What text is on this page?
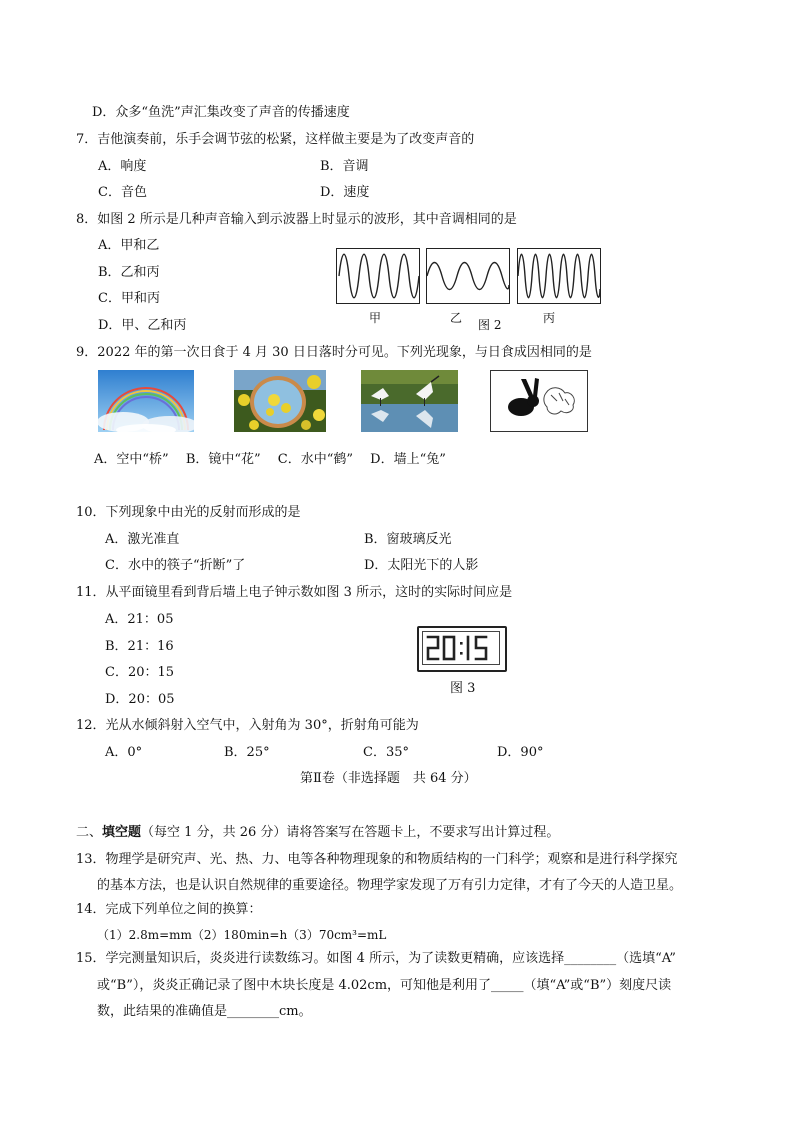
D．众多“鱼洗”声汇集改变了声音的传播速度
7．吉他演奏前，乐手会调节弦的松紧，这样做主要是为了改变声音的
A．响度	B．音调
C．音色	D．速度
8．如图 2 所示是几种声音输入到示波器上时显示的波形，其中音调相同的是
A．甲和乙
B．乙和丙
C．甲和丙
D．甲、乙和丙	甲	乙	丙
图 2
9．2022 年的第一次日食于 4 月 30 日日落时分可见。下列光现象，与日食成因相同的是
A．空中“桥”　 B．镜中“花”　 C．水中“鹤”　 D．墙上“兔”
10．下列现象中由光的反射而形成的是
A．激光准直	B．窗玻璃反光
C．水中的筷子“折断”了	D．太阳光下的人影
11．从平面镜里看到背后墙上电子钟示数如图 3 所示，这时的实际时间应是
A．21：05
B．21：16
C．20：15
D．20：05
图 3
12．光从水倾斜射入空气中，入射角为 30°，折射角可能为
A．0°	B．25°	C．35°	D．90°
第Ⅱ卷（非选择题　共 64 分）
二、填空题（每空 1 分，共 26 分）请将答案写在答题卡上，不要求写出计算过程。
13．物理学是研究声、光、热、力、电等各种物理现象的和物质结构的一门科学；观察和是进行科学探究
的基本方法，也是认识自然规律的重要途径。物理学家发现了万有引力定律，才有了今天的人造卫星。
14．完成下列单位之间的换算：
（1）2.8m=mm（2）180min=h（3）70cm³=mL
15．学完测量知识后，炎炎进行读数练习。如图 4 所示，为了读数更精确，应该选择________（选填“A”
或“B”），炎炎正确记录了图中木块长度是 4.02cm，可知他是利用了_____（填“A”或“B”）刻度尺读
数，此结果的准确值是________cm。
